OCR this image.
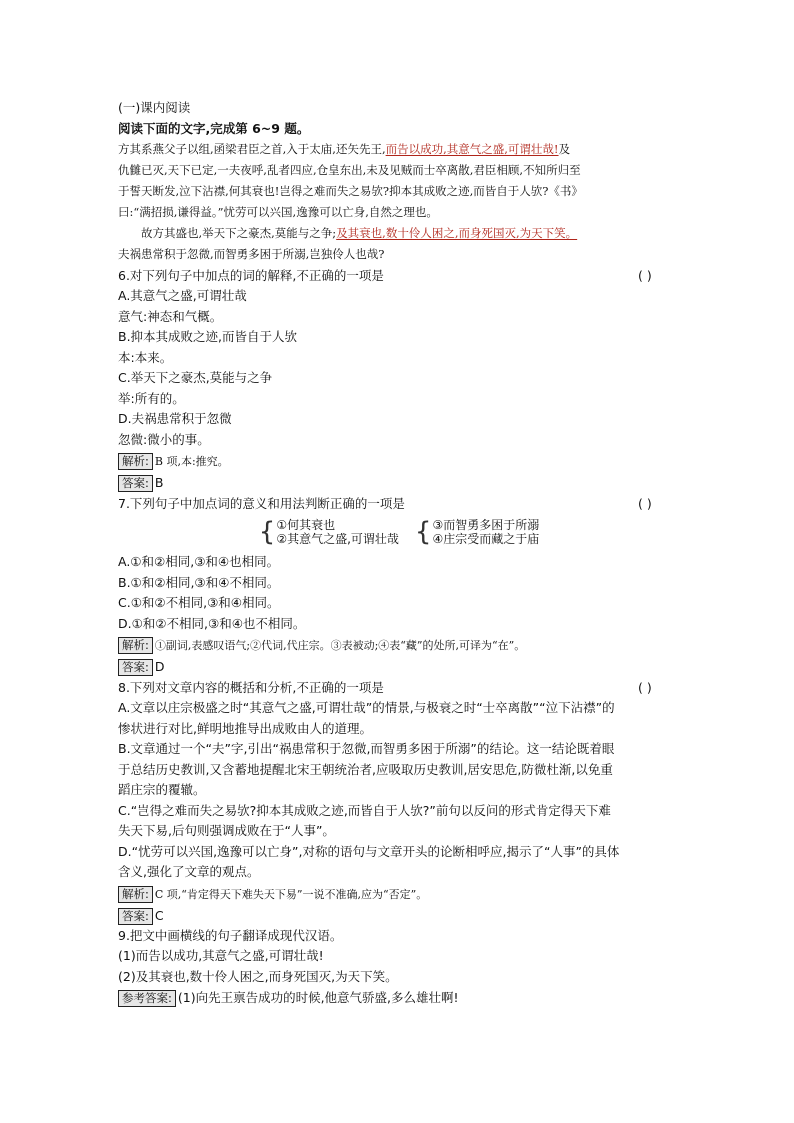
(一)课内阅读
阅读下面的文字,完成第 6~9 题。
方其系燕父子以组,函梁君臣之首,入于太庙,还矢先王,而告以成功,其意气之盛,可谓壮哉!及
仇雠已灭,天下已定,一夫夜呼,乱者四应,仓皇东出,未及见贼而士卒离散,君臣相顾,不知所归至
于誓天断发,泣下沾襟,何其衰也!岂得之难而失之易欤?抑本其成败之迹,而皆自于人欤?《书》
曰:“满招损,谦得益。”忧劳可以兴国,逸豫可以亡身,自然之理也。
故方其盛也,举天下之豪杰,莫能与之争;及其衰也,数十伶人困之,而身死国灭,为天下笑。
夫祸患常积于忽微,而智勇多困于所溺,岂独伶人也哉?
6.对下列句子中加点的词的解释,不正确的一项是	( )
A.其意气之盛,可谓壮哉
意气:神态和气概。
B.抑本其成败之迹,而皆自于人欤
本:本来。
C.举天下之豪杰,莫能与之争
举:所有的。
D.夫祸患常积于忽微
忽微:微小的事。
解析: B 项,本:推究。
答案: B
7.下列句子中加点词的意义和用法判断正确的一项是	( )
{ ①何其衰也
②其意气之盛,可谓壮哉 { ③而智勇多困于所溺
④庄宗受而藏之于庙
A.①和②相同,③和④也相同。
B.①和②相同,③和④不相同。
C.①和②不相同,③和④相同。
D.①和②不相同,③和④也不相同。
解析: ①副词,表感叹语气;②代词,代庄宗。③表被动;④表“藏”的处所,可译为“在”。
答案: D
8.下列对文章内容的概括和分析,不正确的一项是	( )
A.文章以庄宗极盛之时“其意气之盛,可谓壮哉”的情景,与极衰之时“士卒离散”“泣下沾襟”的
惨状进行对比,鲜明地推导出成败由人的道理。
B.文章通过一个“夫”字,引出“祸患常积于忽微,而智勇多困于所溺”的结论。这一结论既着眼
于总结历史教训,又含蓄地提醒北宋王朝统治者,应吸取历史教训,居安思危,防微杜渐,以免重
蹈庄宗的覆辙。
C.“岂得之难而失之易欤?抑本其成败之迹,而皆自于人欤?”前句以反问的形式肯定得天下难
失天下易,后句则强调成败在于“人事”。
D.“忧劳可以兴国,逸豫可以亡身”,对称的语句与文章开头的论断相呼应,揭示了“人事”的具体
含义,强化了文章的观点。
解析: C 项,“肯定得天下难失天下易”一说不准确,应为“否定”。
答案: C
9.把文中画横线的句子翻译成现代汉语。
(1)而告以成功,其意气之盛,可谓壮哉!
(2)及其衰也,数十伶人困之,而身死国灭,为天下笑。
参考答案: (1)向先王禀告成功的时候,他意气骄盛,多么雄壮啊!
